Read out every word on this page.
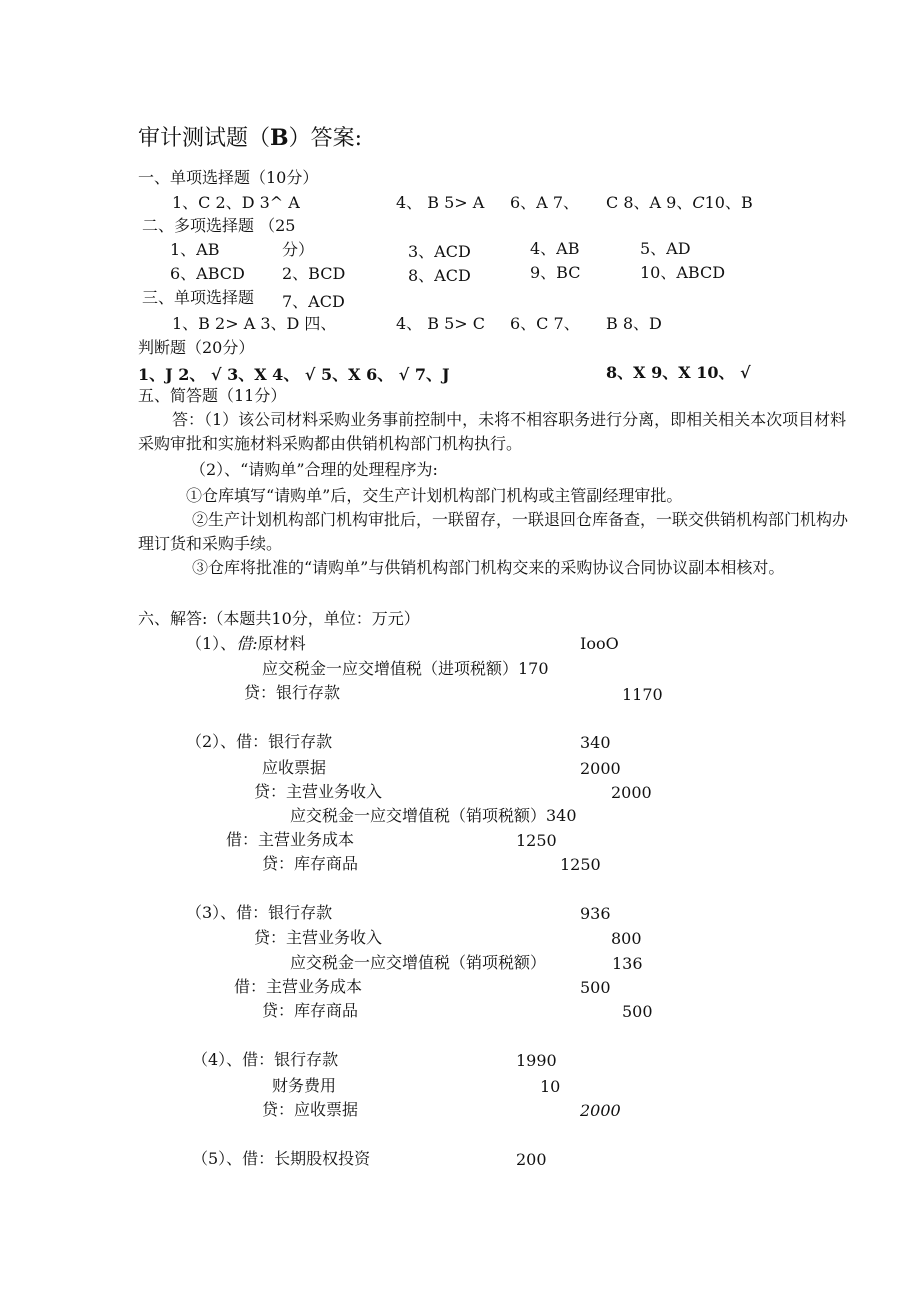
审计测试题（B）答案:
一、单项选择题（10分）
1、C 2、D 3^ A	4、 B 5> A 6、A 7、 C 8、A 9、C10、B
二、多项选择题 （25
1、AB	分）	3、ACD	4、AB	5、AD
6、ABCD 2、BCD	8、ACD	9、BC	10、ABCD
三、单项选择题 7、ACD
1、B 2> A 3、D 四、	4、 B 5> C 6、C 7、 B 8、D
判断题（20分）
1、J 2、 √ 3、X 4、 √ 5、X 6、 √ 7、J	8、X 9、X 10、 √
五、简答题（11分）
答：（1）该公司材料采购业务事前控制中，未将不相容职务进行分离，即相关相关本次项目材料采购审批和实施材料采购都由供销机构部门机构执行。
（2）、“请购单”合理的处理程序为:
①仓库填写“请购单”后，交生产计划机构部门机构或主管副经理审批。
②生产计划机构部门机构审批后，一联留存，一联退回仓库备查，一联交供销机构部门机构办理订货和采购手续。
③仓库将批准的“请购单”与供销机构部门机构交来的采购协议合同协议副本相核对。
六、解答:（本题共10分，单位：万元）
（1）、借:原材料	IooO
应交税金一应交增值税（进项税额）170
贷：银行存款	1170
（2）、借：银行存款	340
应收票据	2000
贷：主营业务收入	2000
应交税金一应交增值税（销项税额）340
借：主营业务成本	1250
贷：库存商品	1250
（3）、借：银行存款	936
贷：主营业务收入	800
应交税金一应交增值税（销项税额）	136
借：主营业务成本	500
贷：库存商品	500
（4）、借：银行存款	1990
财务费用	10
贷：应收票据	2000
（5）、借：长期股权投资	200
